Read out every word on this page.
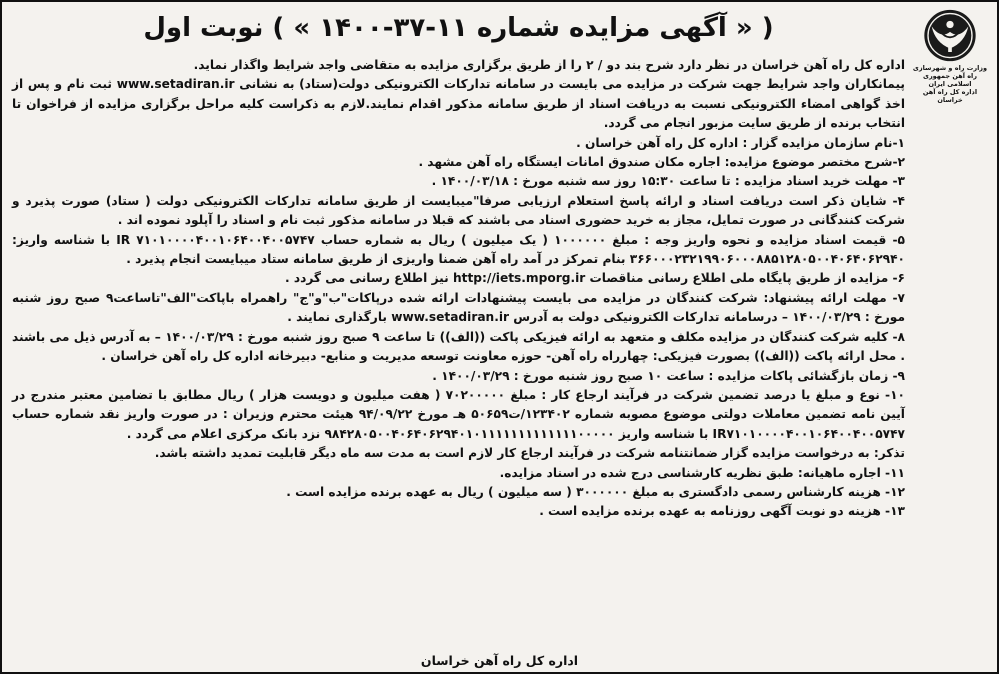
( « آگهی مزایده شماره ۱۱-۳۷-۱۴۰۰ » ) نوبت اول
وزارت راه و شهرسازی
راه آهن جمهوری اسلامی ایران
اداره کل راه آهن خراسان

اداره کل راه آهن خراسان در نظر دارد شرح بند دو / ۲ را از طریق برگزاری مزایده به متقاضی واجد شرایط واگذار نماید.

پیمانکاران واجد شرایط جهت شرکت در مزایده می بایست در سامانه تدارکات الکترونیکی دولت(ستاد) به نشانی www.setadiran.ir ثبت نام و پس از اخذ گواهی امضاء الکترونیکی نسبت به دریافت اسناد از طریق سامانه مذکور اقدام نمایند.لازم به ذکراست کلیه مراحل برگزاری مزایده از فراخوان تا انتخاب برنده از طریق سایت مزبور انجام می گردد.

۱-نام سازمان مزایده گزار : اداره کل راه آهن خراسان .

۲-شرح مختصر موضوع مزایده: اجاره مکان صندوق امانات ایستگاه راه آهن مشهد .

۳- مهلت خرید اسناد مزایده : تا ساعت ۱۵:۳۰ روز سه شنبه مورخ : ۱۴۰۰/۰۳/۱۸ .

۴- شایان ذکر است دریافت اسناد و ارائه پاسخ استعلام ارزیابی صرفا"میبایست از طریق سامانه تدارکات الکترونیکی دولت ( ستاد) صورت پذیرد و شرکت کنندگانی در صورت تمایل، مجاز به خرید حضوری اسناد می باشند که قبلا در سامانه مذکور ثبت نام و اسناد را آپلود نموده اند .

۵- قیمت اسناد مزایده و نحوه واریز وجه : مبلغ ۱۰۰۰۰۰۰ ( یک میلیون ) ریال به شماره حساب IR ۷۱۰۱۰۰۰۰۴۰۰۱۰۶۴۰۰۴۰۰۵۷۴۷ با شناسه واریز: ۳۶۶۰۰۰۲۳۲۱۹۹۰۶۰۰۰۸۸۵۱۲۸۰۵۰۰۴۰۶۴۰۶۲۹۴۰ بنام تمرکز در آمد راه آهن ضمنا واریزی از طریق سامانه ستاد میبایست انجام پذیرد .

۶- مزایده از طریق پایگاه ملی اطلاع رسانی مناقصات http://iets.mporg.ir نیز اطلاع رسانی می گردد .

۷- مهلت ارائه پیشنهاد: شرکت کنندگان در مزایده می بایست پیشنهادات ارائه شده درپاکات"ب"و"ج" راهمراه باپاکت"الف"تاساعت۹ صبح روز شنبه مورخ : ۱۴۰۰/۰۳/۲۹ – درسامانه تدارکات الکترونیکی دولت به آدرس www.setadiran.ir بارگذاری نمایند .

۸- کلیه شرکت کنندگان در مزایده مکلف و متعهد به ارائه فیزیکی پاکت ((الف)) تا ساعت ۹ صبح روز شنبه مورخ : ۱۴۰۰/۰۳/۲۹ – به آدرس ذیل می باشند . محل ارائه پاکت ((الف)) بصورت فیزیکی: چهارراه راه آهن- حوزه معاونت توسعه مدیریت و منابع- دبیرخانه اداره کل راه آهن خراسان .

۹- زمان بازگشائی پاکات مزایده : ساعت ۱۰ صبح روز شنبه مورخ : ۱۴۰۰/۰۳/۲۹ .

۱۰- نوع و مبلغ یا درصد تضمین شرکت در فرآیند ارجاع کار : مبلغ ۷۰۲۰۰۰۰۰ ( هفت میلیون و دویست هزار ) ریال مطابق با تضامین معتبر مندرج در آیین نامه تضمین معاملات دولتی موضوع مصوبه شماره ۱۲۳۴۰۲/ت۵۰۶۵۹ هـ مورخ ۹۴/۰۹/۲۲ هیئت محترم وزیران : در صورت واریز نقد شماره حساب IR۷۱۰۱۰۰۰۰۴۰۰۱۰۶۴۰۰۴۰۰۵۷۴۷ با شناسه واریز ۹۸۴۲۸۰۵۰۰۴۰۶۴۰۶۲۹۴۰۱۰۱۱۱۱۱۱۱۱۱۱۱۱۱۰۰۰۰۰ نزد بانک مرکزی اعلام می گردد .

تذکر: به درخواست مزایده گزار ضمانتنامه شرکت در فرآیند ارجاع کار لازم است به مدت سه ماه دیگر قابلیت تمدید داشته باشد.

۱۱- اجاره ماهیانه: طبق نظریه کارشناسی درج شده در اسناد مزایده.

۱۲- هزینه کارشناس رسمی دادگستری به مبلغ ۳۰۰۰۰۰۰ ( سه میلیون ) ریال به عهده برنده مزایده است .

۱۳- هزینه دو نوبت آگهی روزنامه به عهده برنده مزایده است .

اداره کل راه آهن خراسان
